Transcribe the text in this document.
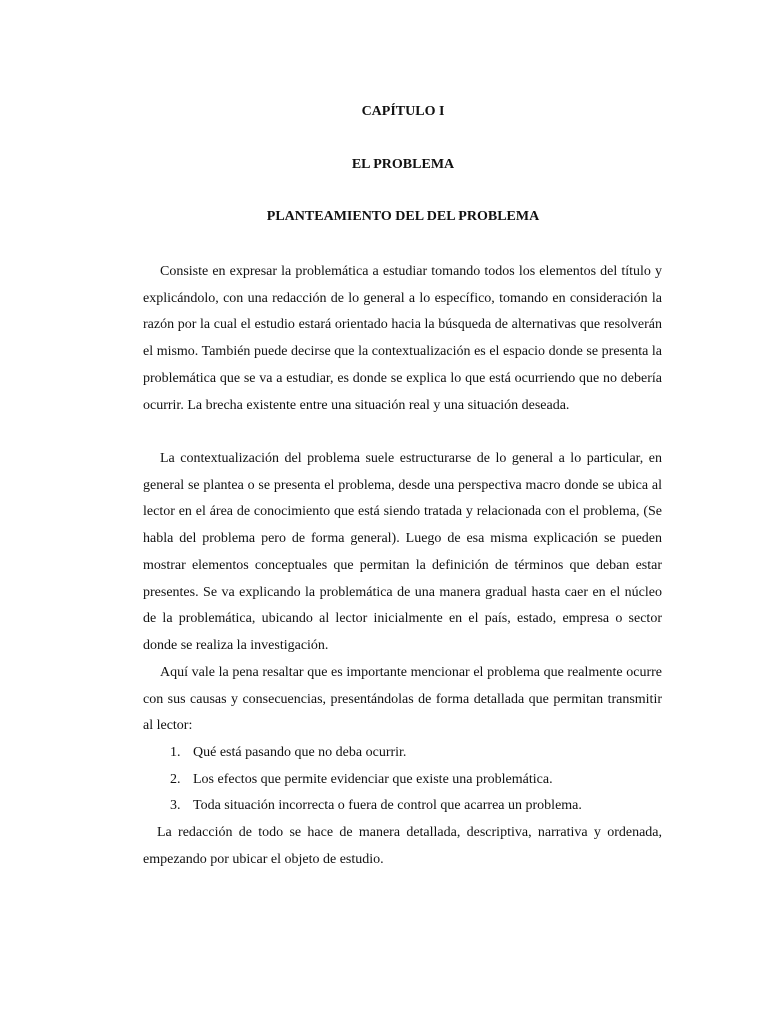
CAPÍTULO I
EL PROBLEMA
PLANTEAMIENTO DEL DEL PROBLEMA

Consiste en expresar la problemática a estudiar tomando todos los elementos del título y explicándolo, con una redacción de lo general a lo específico, tomando en consideración la razón por la cual el estudio estará orientado hacia la búsqueda de alternativas que resolverán el mismo. También puede decirse que la contextualización es el espacio donde se presenta la problemática que se va a estudiar, es donde se explica lo que está ocurriendo que no debería ocurrir. La brecha existente entre una situación real y una situación deseada.

La contextualización del problema suele estructurarse de lo general a lo particular, en general se plantea o se presenta el problema, desde una perspectiva macro donde se ubica al lector en el área de conocimiento que está siendo tratada y relacionada con el problema, (Se habla del problema pero de forma general). Luego de esa misma explicación se pueden mostrar elementos conceptuales que permitan la definición de términos que deban estar presentes. Se va explicando la problemática de una manera gradual hasta caer en el núcleo de la problemática, ubicando al lector inicialmente en el país, estado, empresa o sector donde se realiza la investigación.

Aquí vale la pena resaltar que es importante mencionar el problema que realmente ocurre con sus causas y consecuencias, presentándolas de forma detallada que permitan transmitir al lector:

1. Qué está pasando que no deba ocurrir.
2. Los efectos que permite evidenciar que existe una problemática.
3. Toda situación incorrecta o fuera de control que acarrea un problema.

La redacción de todo se hace de manera detallada, descriptiva, narrativa y ordenada, empezando por ubicar el objeto de estudio.
